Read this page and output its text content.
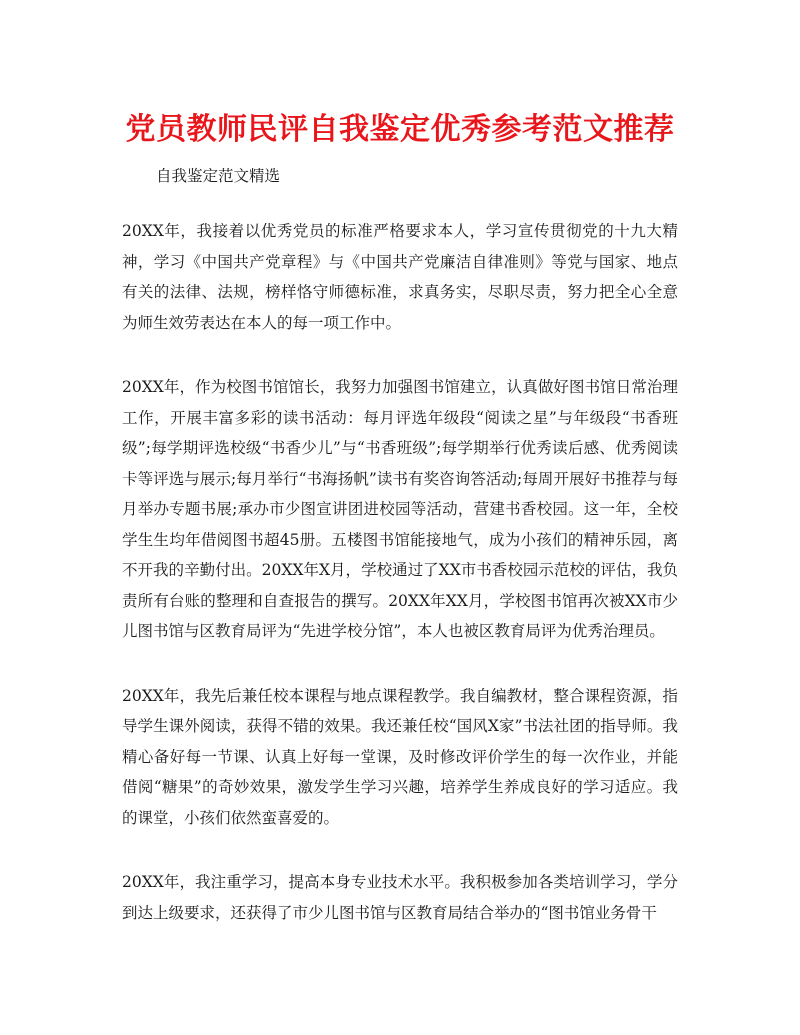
党员教师民评自我鉴定优秀参考范文推荐
自我鉴定范文精选

20XX年，我接着以优秀党员的标准严格要求本人，学习宣传贯彻党的十九大精神，学习《中国共产党章程》与《中国共产党廉洁自律准则》等党与国家、地点有关的法律、法规，榜样恪守师德标准，求真务实，尽职尽责，努力把全心全意为师生效劳表达在本人的每一项工作中。

20XX年，作为校图书馆馆长，我努力加强图书馆建立，认真做好图书馆日常治理工作，开展丰富多彩的读书活动：每月评选年级段“阅读之星”与年级段“书香班级”;每学期评选校级“书香少儿”与“书香班级”;每学期举行优秀读后感、优秀阅读卡等评选与展示;每月举行“书海扬帆”读书有奖咨询答活动;每周开展好书推荐与每月举办专题书展;承办市少图宣讲团进校园等活动，营建书香校园。这一年，全校学生生均年借阅图书超45册。五楼图书馆能接地气，成为小孩们的精神乐园，离不开我的辛勤付出。20XX年X月，学校通过了XX市书香校园示范校的评估，我负责所有台账的整理和自查报告的撰写。20XX年XX月，学校图书馆再次被XX市少儿图书馆与区教育局评为“先进学校分馆”，本人也被区教育局评为优秀治理员。

20XX年，我先后兼任校本课程与地点课程教学。我自编教材，整合课程资源，指导学生课外阅读，获得不错的效果。我还兼任校“国风X家”书法社团的指导师。我精心备好每一节课、认真上好每一堂课，及时修改评价学生的每一次作业，并能借阅“糖果”的奇妙效果，激发学生学习兴趣，培养学生养成良好的学习适应。我的课堂，小孩们依然蛮喜爱的。

20XX年，我注重学习，提高本身专业技术水平。我积极参加各类培训学习，学分到达上级要求，还获得了市少儿图书馆与区教育局结合举办的“图书馆业务骨干
